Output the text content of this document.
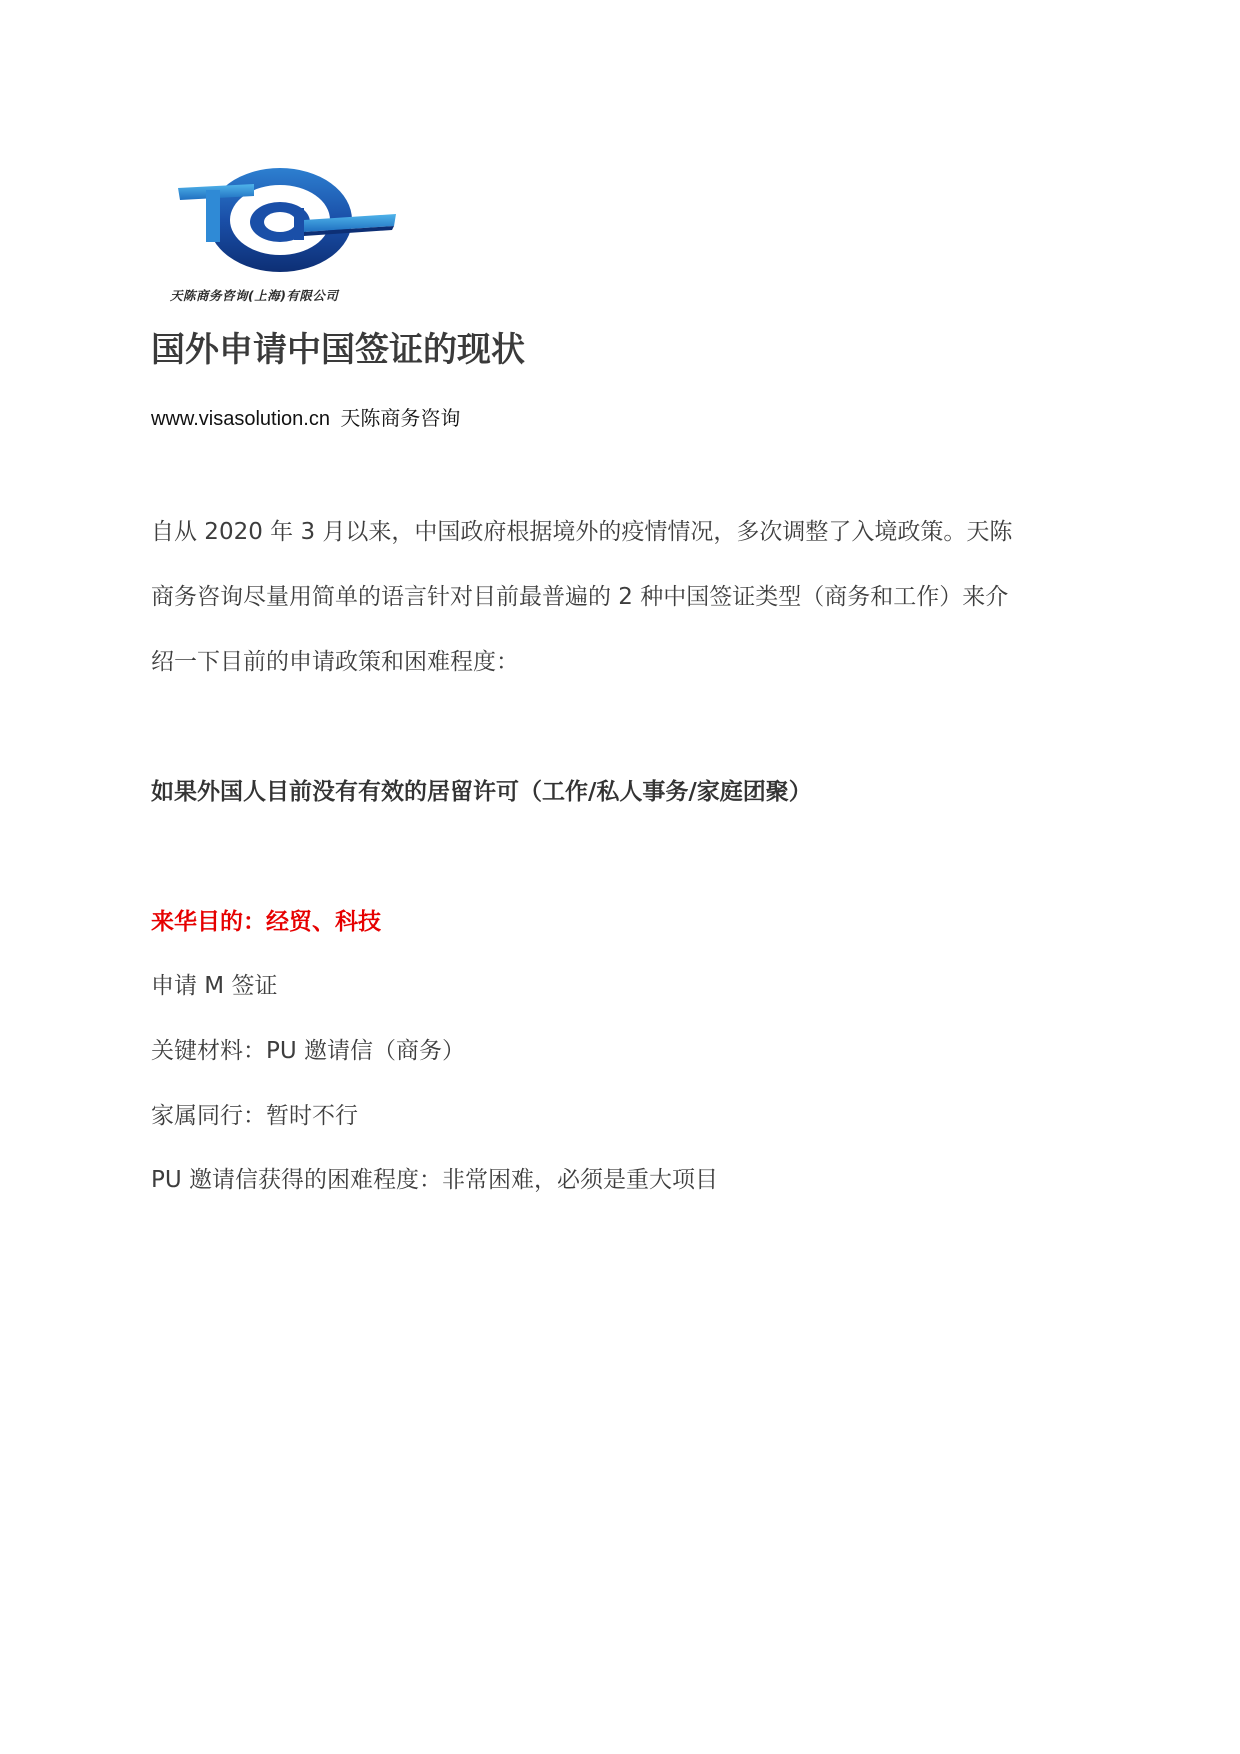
天陈商务咨询(上海)有限公司
国外申请中国签证的现状
www.visasolution.cn 天陈商务咨询
自从 2020 年 3 月以来，中国政府根据境外的疫情情况，多次调整了入境政策。天陈
商务咨询尽量用简单的语言针对目前最普遍的 2 种中国签证类型（商务和工作）来介
绍一下目前的申请政策和困难程度：
如果外国人目前没有有效的居留许可（工作/私人事务/家庭团聚）
来华目的：经贸、科技
申请 M 签证
关键材料：PU 邀请信（商务）
家属同行：暂时不行
PU 邀请信获得的困难程度：非常困难，必须是重大项目
